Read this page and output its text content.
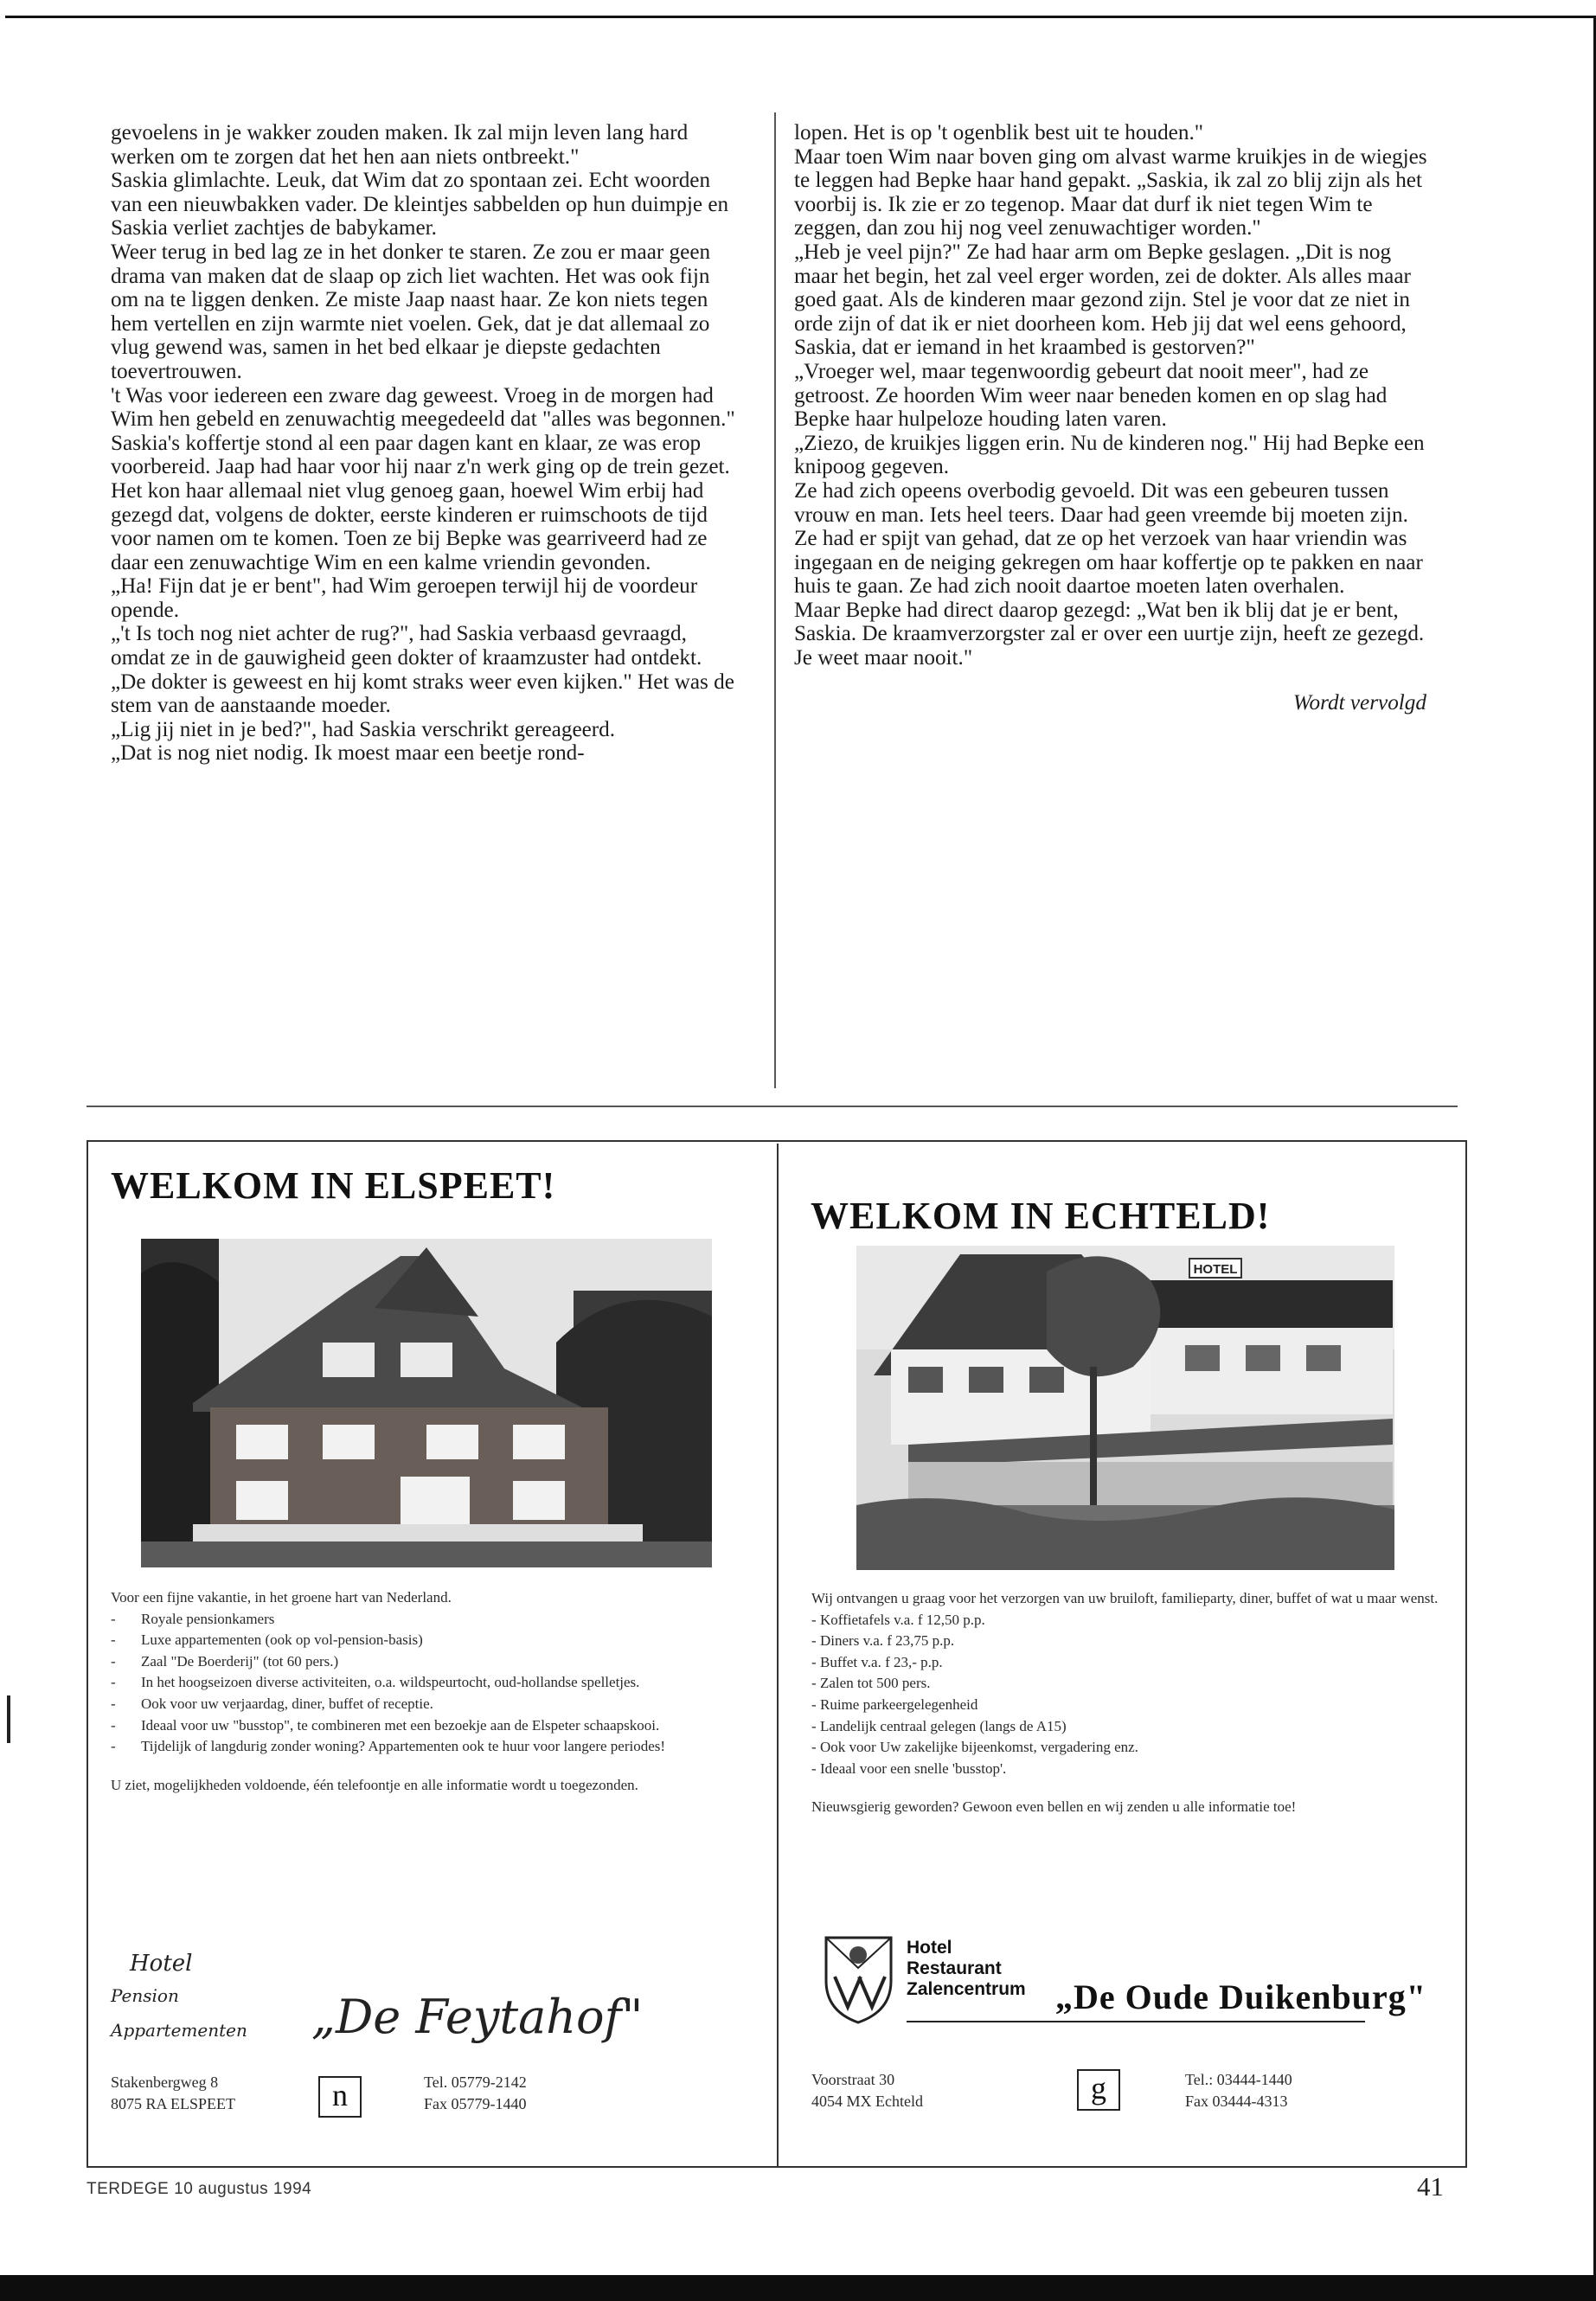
gevoelens in je wakker zouden maken. Ik zal mijn leven lang hard werken om te zorgen dat het hen aan niets ontbreekt."

Saskia glimlachte. Leuk, dat Wim dat zo spontaan zei. Echt woorden van een nieuwbakken vader. De kleintjes sabbelden op hun duimpje en Saskia verliet zachtjes de babykamer.

Weer terug in bed lag ze in het donker te staren. Ze zou er maar geen drama van maken dat de slaap op zich liet wachten. Het was ook fijn om na te liggen denken. Ze miste Jaap naast haar. Ze kon niets tegen hem vertellen en zijn warmte niet voelen. Gek, dat je dat allemaal zo vlug gewend was, samen in het bed elkaar je diepste gedachten toevertrouwen.

't Was voor iedereen een zware dag geweest. Vroeg in de morgen had Wim hen gebeld en zenuwachtig meegedeeld dat "alles was begonnen."

Saskia's koffertje stond al een paar dagen kant en klaar, ze was erop voorbereid. Jaap had haar voor hij naar z'n werk ging op de trein gezet. Het kon haar allemaal niet vlug genoeg gaan, hoewel Wim erbij had gezegd dat, volgens de dokter, eerste kinderen er ruimschoots de tijd voor namen om te komen. Toen ze bij Bepke was gearriveerd had ze daar een zenuwachtige Wim en een kalme vriendin gevonden.

„Ha! Fijn dat je er bent", had Wim geroepen terwijl hij de voordeur opende.

„'t Is toch nog niet achter de rug?", had Saskia verbaasd gevraagd, omdat ze in de gauwigheid geen dokter of kraamzuster had ontdekt.

„De dokter is geweest en hij komt straks weer even kijken." Het was de stem van de aanstaande moeder.

„Lig jij niet in je bed?", had Saskia verschrikt gereageerd.

„Dat is nog niet nodig. Ik moest maar een beetje rond-

lopen. Het is op 't ogenblik best uit te houden."

Maar toen Wim naar boven ging om alvast warme kruikjes in de wiegjes te leggen had Bepke haar hand gepakt. „Saskia, ik zal zo blij zijn als het voorbij is. Ik zie er zo tegenop. Maar dat durf ik niet tegen Wim te zeggen, dan zou hij nog veel zenuwachtiger worden."

„Heb je veel pijn?" Ze had haar arm om Bepke geslagen. „Dit is nog maar het begin, het zal veel erger worden, zei de dokter. Als alles maar goed gaat. Als de kinderen maar gezond zijn. Stel je voor dat ze niet in orde zijn of dat ik er niet doorheen kom. Heb jij dat wel eens gehoord, Saskia, dat er iemand in het kraambed is gestorven?"

„Vroeger wel, maar tegenwoordig gebeurt dat nooit meer", had ze getroost. Ze hoorden Wim weer naar beneden komen en op slag had Bepke haar hulpeloze houding laten varen.

„Ziezo, de kruikjes liggen erin. Nu de kinderen nog." Hij had Bepke een knipoog gegeven.

Ze had zich opeens overbodig gevoeld. Dit was een gebeuren tussen vrouw en man. Iets heel teers. Daar had geen vreemde bij moeten zijn. Ze had er spijt van gehad, dat ze op het verzoek van haar vriendin was ingegaan en de neiging gekregen om haar koffertje op te pakken en naar huis te gaan. Ze had zich nooit daartoe moeten laten overhalen.

Maar Bepke had direct daarop gezegd: „Wat ben ik blij dat je er bent, Saskia. De kraamverzorgster zal er over een uurtje zijn, heeft ze gezegd. Je weet maar nooit."

Wordt vervolgd

WELKOM IN ELSPEET!

Voor een fijne vakantie, in het groene hart van Nederland.

- Royale pensionkamers
- Luxe appartementen (ook op vol-pension-basis)
- Zaal "De Boerderij" (tot 60 pers.)
- In het hoogseizoen diverse activiteiten, o.a. wildspeurtocht, oud-hollandse spelletjes.
- Ook voor uw verjaardag, diner, buffet of receptie.
- Ideaal voor uw "busstop", te combineren met een bezoekje aan de Elspeter schaapskooi.
- Tijdelijk of langdurig zonder woning? Appartementen ook te huur voor langere periodes!

U ziet, mogelijkheden voldoende, één telefoontje en alle informatie wordt u toegezonden.

Hotel

Pension

Appartementen „De Feytahof"

Stakenbergweg 8

8075 RA ELSPEET	n	Tel. 05779-2142

Fax 05779-1440

WELKOM IN ECHTELD!
HOTEL

Wij ontvangen u graag voor het verzorgen van uw bruiloft, familieparty, diner, buffet of wat u maar wenst.

- Koffietafels v.a. f 12,50 p.p.
- Diners v.a. f 23,75 p.p.
- Buffet v.a. f 23,- p.p.
- Zalen tot 500 pers.
- Ruime parkeergelegenheid
- Landelijk centraal gelegen (langs de A15)
- Ook voor Uw zakelijke bijeenkomst, vergadering enz.
- Ideaal voor een snelle 'busstop'.

Nieuwsgierig geworden? Gewoon even bellen en wij zenden u alle informatie toe!

Hotel
Restaurant
Zalencentrum „De Oude Duikenburg"

Voorstraat 30

4054 MX Echteld	g	Tel.: 03444-1440

Fax 03444-4313

TERDEGE 10 augustus 1994	41
